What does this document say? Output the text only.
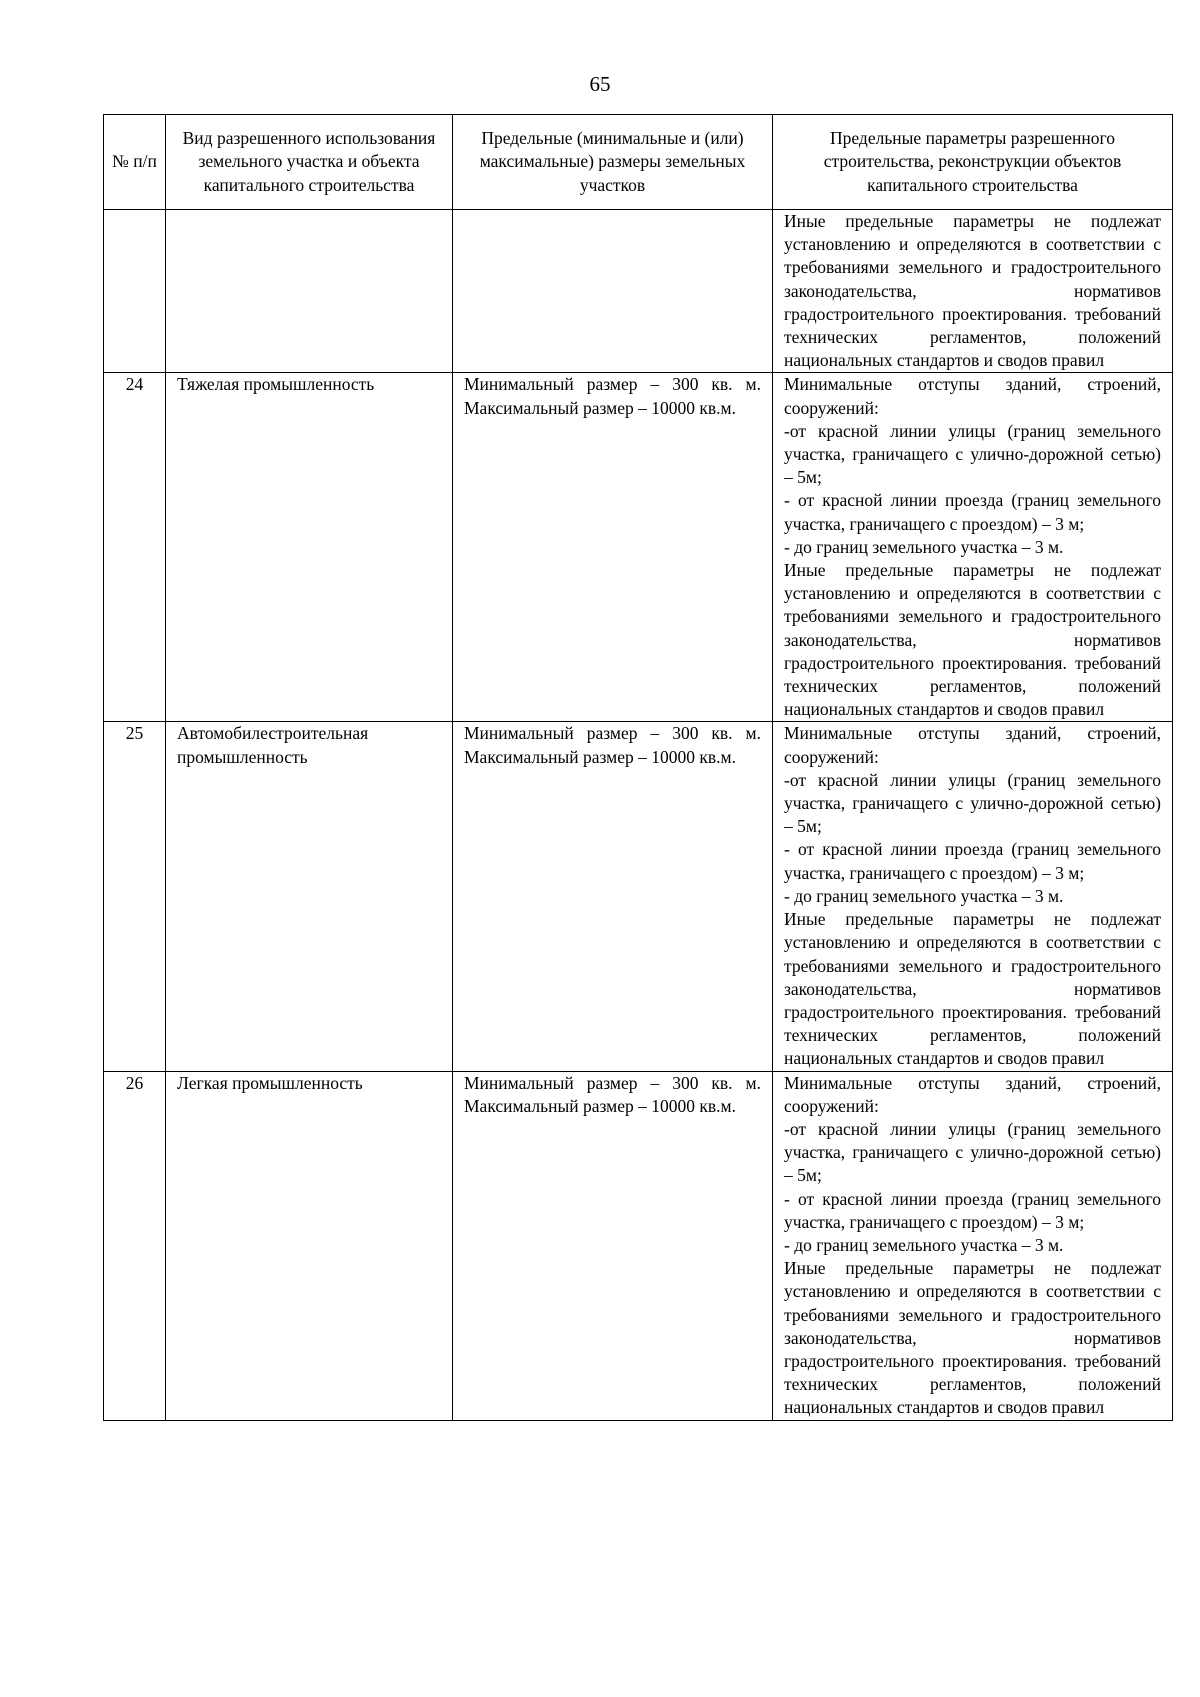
65
№ п/п	Вид разрешенного использования земельного участка и объекта капитального строительства	Предельные (минимальные и (или) максимальные) размеры земельных участков	Предельные параметры разрешенного строительства, реконструкции объектов капитального строительства
			Иные предельные параметры не подлежат установлению и определяются в соответствии с требованиями земельного и градостроительного законодательства, нормативов градостроительного проектирования. требований технических регламентов, положений национальных стандартов и сводов правил
24	Тяжелая промышленность	Минимальный размер – 300 кв. м. Максимальный размер – 10000 кв.м.	Минимальные отступы зданий, строений, сооружений:
-от красной линии улицы (границ земельного участка, граничащего с улично-дорожной сетью) – 5м;
- от красной линии проезда (границ земельного участка, граничащего с проездом) – 3 м;
- до границ земельного участка – 3 м.
Иные предельные параметры не подлежат установлению и определяются в соответствии с требованиями земельного и градостроительного законодательства, нормативов градостроительного проектирования. требований технических регламентов, положений национальных стандартов и сводов правил

25	Автомобилестроительная промышленность	Минимальный размер – 300 кв. м. Максимальный размер – 10000 кв.м.	Минимальные отступы зданий, строений, сооружений:
-от красной линии улицы (границ земельного участка, граничащего с улично-дорожной сетью) – 5м;
- от красной линии проезда (границ земельного участка, граничащего с проездом) – 3 м;
- до границ земельного участка – 3 м.
Иные предельные параметры не подлежат установлению и определяются в соответствии с требованиями земельного и градостроительного законодательства, нормативов градостроительного проектирования. требований технических регламентов, положений национальных стандартов и сводов правил

26	Легкая промышленность	Минимальный размер – 300 кв. м. Максимальный размер – 10000 кв.м.	Минимальные отступы зданий, строений, сооружений:
-от красной линии улицы (границ земельного участка, граничащего с улично-дорожной сетью) – 5м;
- от красной линии проезда (границ земельного участка, граничащего с проездом) – 3 м;
- до границ земельного участка – 3 м.
Иные предельные параметры не подлежат установлению и определяются в соответствии с требованиями земельного и градостроительного законодательства, нормативов градостроительного проектирования. требований технических регламентов, положений национальных стандартов и сводов правил
